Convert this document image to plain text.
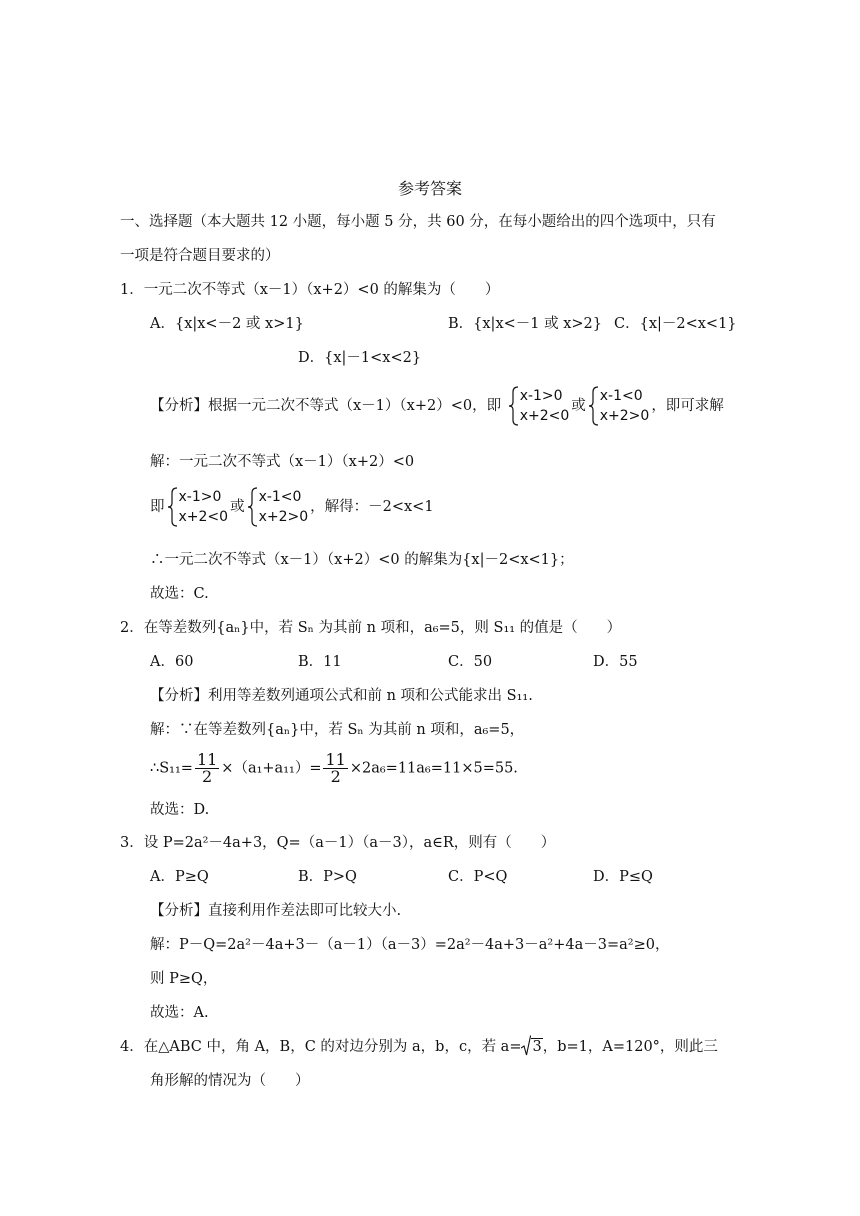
参考答案
一、选择题（本大题共 12 小题，每小题 5 分，共 60 分，在每小题给出的四个选项中，只有
一项是符合题目要求的）
1．一元二次不等式（x－1）（x+2）<0 的解集为（　　）
A．{x|x<－2 或 x>1}	B．{x|x<－1 或 x>2} C．{x|－2<x<1}
D．{x|－1<x<2}
【分析】根据一元二次不等式（x－1）（x+2）<0，即
x-1>0
x+2<0
或
x-1<0
x+2>0
，即可求解
解：一元二次不等式（x－1）（x+2）<0
即
x-1>0
x+2<0
或
x-1<0
x+2>0
，解得：－2<x<1
∴一元二次不等式（x－1）（x+2）<0 的解集为{x|－2<x<1}；
故选：C.
2．在等差数列{aₙ}中，若 Sₙ 为其前 n 项和，a₆=5，则 S₁₁ 的值是（　　）
A．60	B．11	C．50	D．55
【分析】利用等差数列通项公式和前 n 项和公式能求出 S₁₁.
解：∵在等差数列{aₙ}中，若 Sₙ 为其前 n 项和，a₆=5，
∴S₁₁= $\frac{11}{2} \times(a_1+a_{11})= \frac{11}{2} \times 2a_6=11a_6=11\times 5=55$.
故选：D.
3．设 P=2a²－4a+3，Q=（a－1）（a－3），a∈R，则有（　　）
A．P≥Q	B．P>Q	C．P<Q	D．P≤Q
【分析】直接利用作差法即可比较大小.
解：P－Q=2a²－4a+3－（a－1）（a－3）=2a²－4a+3－a²+4a－3=a²≥0，
则 P≥Q，
故选：A.
4．在△ABC 中，角 A，B，C 的对边分别为 a，b，c，若 a= 3，b=1，A=120°，则此三
角形解的情况为（　　）
